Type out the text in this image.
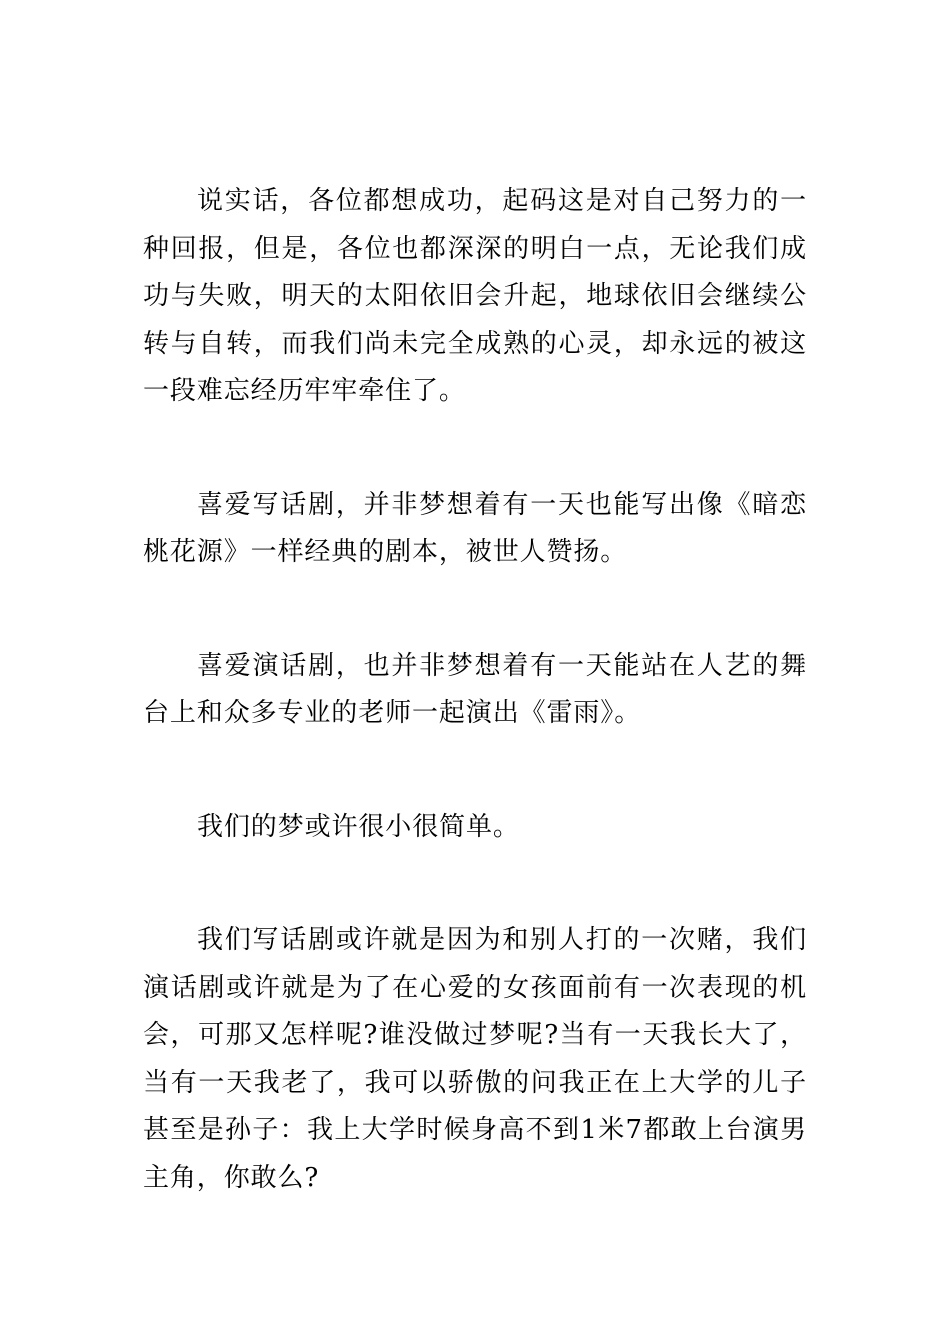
说实话，各位都想成功，起码这是对自己努力的一种回报，但是，各位也都深深的明白一点，无论我们成功与失败，明天的太阳依旧会升起，地球依旧会继续公转与自转，而我们尚未完全成熟的心灵，却永远的被这一段难忘经历牢牢牵住了。

喜爱写话剧，并非梦想着有一天也能写出像《暗恋桃花源》一样经典的剧本，被世人赞扬。

喜爱演话剧，也并非梦想着有一天能站在人艺的舞台上和众多专业的老师一起演出《雷雨》。

我们的梦或许很小很简单。

我们写话剧或许就是因为和别人打的一次赌，我们演话剧或许就是为了在心爱的女孩面前有一次表现的机会，可那又怎样呢?谁没做过梦呢?当有一天我长大了，当有一天我老了，我可以骄傲的问我正在上大学的儿子甚至是孙子：我上大学时候身高不到1米7都敢上台演男主角，你敢么?
